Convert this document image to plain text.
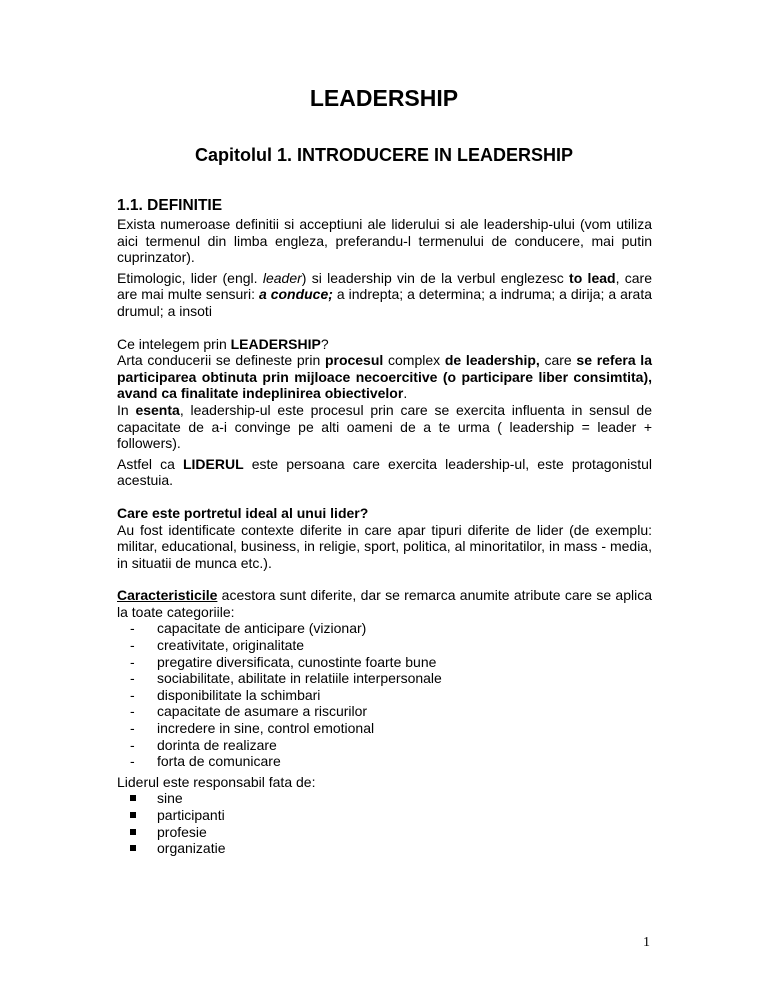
LEADERSHIP
Capitolul 1. INTRODUCERE IN LEADERSHIP
1.1. DEFINITIE

Exista numeroase definitii si acceptiuni ale liderului si ale leadership-ului (vom utiliza aici termenul din limba engleza, preferandu-l termenului de conducere, mai putin cuprinzator).

Etimologic, lider (engl. leader) si leadership vin de la verbul englezesc to lead, care are mai multe sensuri: a conduce; a indrepta; a determina; a indruma; a dirija; a arata drumul; a insoti

Ce intelegem prin LEADERSHIP?

Arta conducerii se defineste prin procesul complex de leadership, care se refera la participarea obtinuta prin mijloace necoercitive (o participare liber consimtita), avand ca finalitate indeplinirea obiectivelor.

In esenta, leadership-ul este procesul prin care se exercita influenta in sensul de capacitate de a-i convinge pe alti oameni de a te urma ( leadership = leader + followers).

Astfel ca LIDERUL este persoana care exercita leadership-ul, este protagonistul acestuia.

Care este portretul ideal al unui lider?

Au fost identificate contexte diferite in care apar tipuri diferite de lider (de exemplu: militar, educational, business, in religie, sport, politica, al minoritatilor, in mass - media, in situatii de munca etc.).

Caracteristicile acestora sunt diferite, dar se remarca anumite atribute care se aplica la toate categoriile:

- capacitate de anticipare (vizionar)
- creativitate, originalitate
- pregatire diversificata, cunostinte foarte bune
- sociabilitate, abilitate in relatiile interpersonale
- disponibilitate la schimbari
- capacitate de asumare a riscurilor
- incredere in sine, control emotional
- dorinta de realizare
- forta de comunicare

Liderul este responsabil fata de:

sine
participanti
profesie
organizatie
1
